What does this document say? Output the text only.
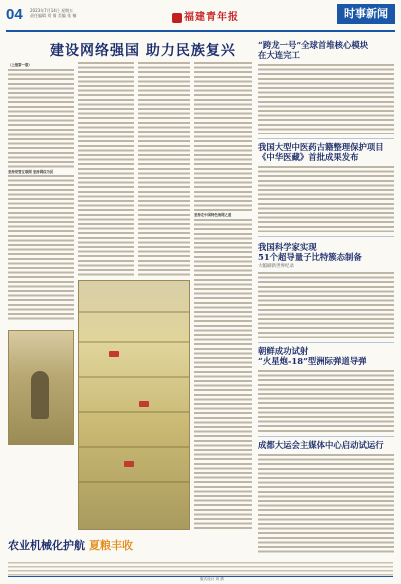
04 2023年7月14日 星期五
责任编辑 刘 倩 美编 张 楠	福建青年报	时事新闻
建设网络强国 助力民族复兴
（上接第一版）
坚持党管互联网 坚持网信为民
坚持走中国特色治网之道
农业机械化护航 夏粮丰收
“跨龙一号”全球首堆核心模块
在大连完工
我国大型中医药古籍整理保护项目
《中华医藏》首批成果发布
我国科学家实现
51个超导量子比特簇态制备
大幅刷新世界纪录
朝鲜成功试射
“火星炮-18”型洲际弹道导弹
成都大运会主媒体中心启动试运行
版式设计 刘 倩
